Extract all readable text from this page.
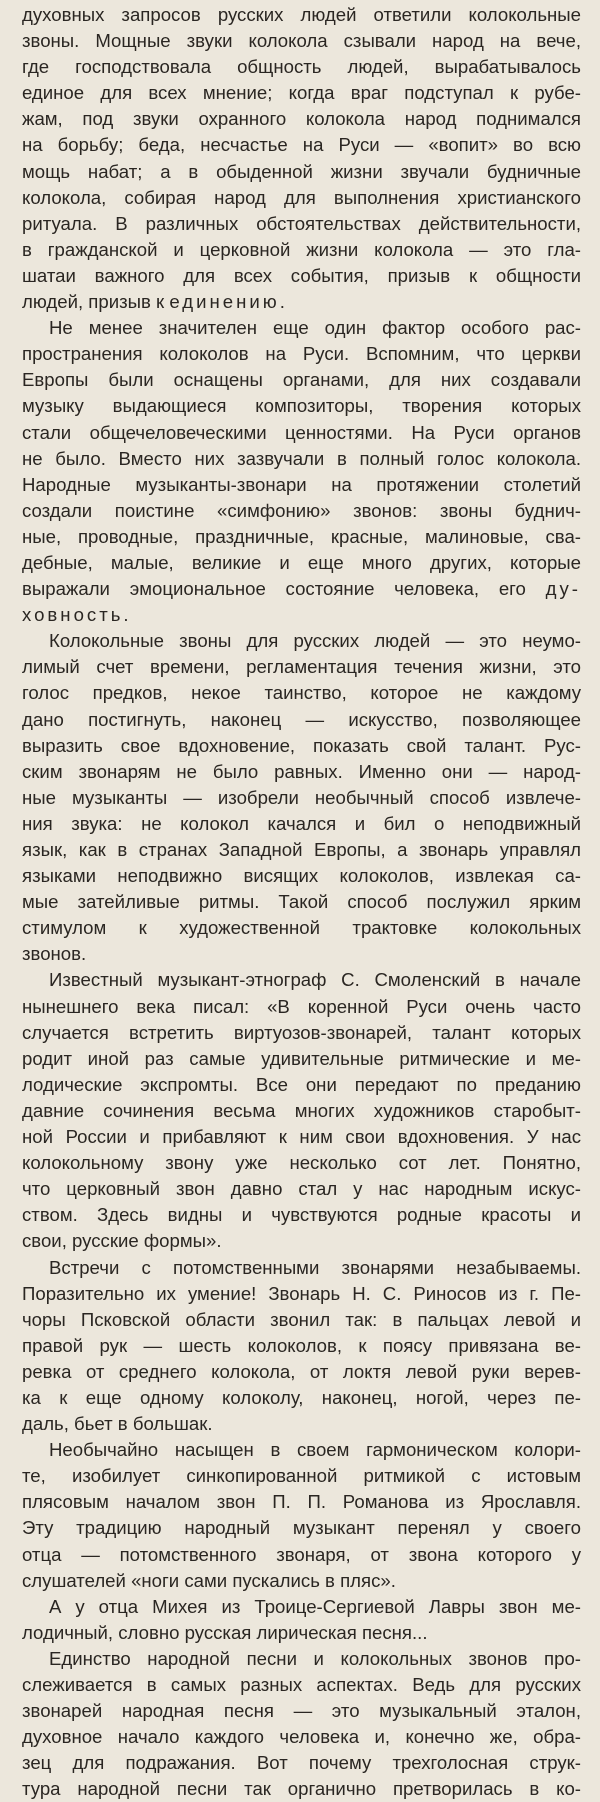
духовных запросов русских людей ответили колокольные
звоны. Мощные звуки колокола сзывали народ на вече,
где господствовала общность людей, вырабатывалось
единое для всех мнение; когда враг подступал к рубе-
жам, под звуки охранного колокола народ поднимался
на борьбу; беда, несчастье на Руси — «вопит» во всю
мощь набат; а в обыденной жизни звучали будничные
колокола, собирая народ для выполнения христианского
ритуала. В различных обстоятельствах действительности,
в гражданской и церковной жизни колокола — это гла-
шатаи важного для всех события, призыв к общности
людей, призыв к единению.
Не менее значителен еще один фактор особого рас-
пространения колоколов на Руси. Вспомним, что церкви
Европы были оснащены органами, для них создавали
музыку выдающиеся композиторы, творения которых
стали общечеловеческими ценностями. На Руси органов
не было. Вместо них зазвучали в полный голос колокола.
Народные музыканты-звонари на протяжении столетий
создали поистине «симфонию» звонов: звоны буднич-
ные, проводные, праздничные, красные, малиновые, сва-
дебные, малые, великие и еще много других, которые
выражали эмоциональное состояние человека, его ду-
ховность.
Колокольные звоны для русских людей — это неумо-
лимый счет времени, регламентация течения жизни, это
голос предков, некое таинство, которое не каждому
дано постигнуть, наконец — искусство, позволяющее
выразить свое вдохновение, показать свой талант. Рус-
ским звонарям не было равных. Именно они — народ-
ные музыканты — изобрели необычный способ извлече-
ния звука: не колокол качался и бил о неподвижный
язык, как в странах Западной Европы, а звонарь управлял
языками неподвижно висящих колоколов, извлекая са-
мые затейливые ритмы. Такой способ послужил ярким
стимулом к художественной трактовке колокольных
звонов.
Известный музыкант-этнограф С. Смоленский в начале
нынешнего века писал: «В коренной Руси очень часто
случается встретить виртуозов-звонарей, талант которых
родит иной раз самые удивительные ритмические и ме-
лодические экспромты. Все они передают по преданию
давние сочинения весьма многих художников старобыт-
ной России и прибавляют к ним свои вдохновения. У нас
колокольному звону уже несколько сот лет. Понятно,
что церковный звон давно стал у нас народным искус-
ством. Здесь видны и чувствуются родные красоты и
свои, русские формы».
Встречи с потомственными звонарями незабываемы.
Поразительно их умение! Звонарь Н. С. Риносов из г. Пе-
чоры Псковской области звонил так: в пальцах левой и
правой рук — шесть колоколов, к поясу привязана ве-
ревка от среднего колокола, от локтя левой руки верев-
ка к еще одному колоколу, наконец, ногой, через пе-
даль, бьет в большак.
Необычайно насыщен в своем гармоническом колори-
те, изобилует синкопированной ритмикой с истовым
плясовым началом звон П. П. Романова из Ярославля.
Эту традицию народный музыкант перенял у своего
отца — потомственного звонаря, от звона которого у
слушателей «ноги сами пускались в пляс».
А у отца Михея из Троице-Сергиевой Лавры звон ме-
лодичный, словно русская лирическая песня...
Единство народной песни и колокольных звонов про-
слеживается в самых разных аспектах. Ведь для русских
звонарей народная песня — это музыкальный эталон,
духовное начало каждого человека и, конечно же, обра-
зец для подражания. Вот почему трехголосная струк-
тура народной песни так органично претворилась в ко-
